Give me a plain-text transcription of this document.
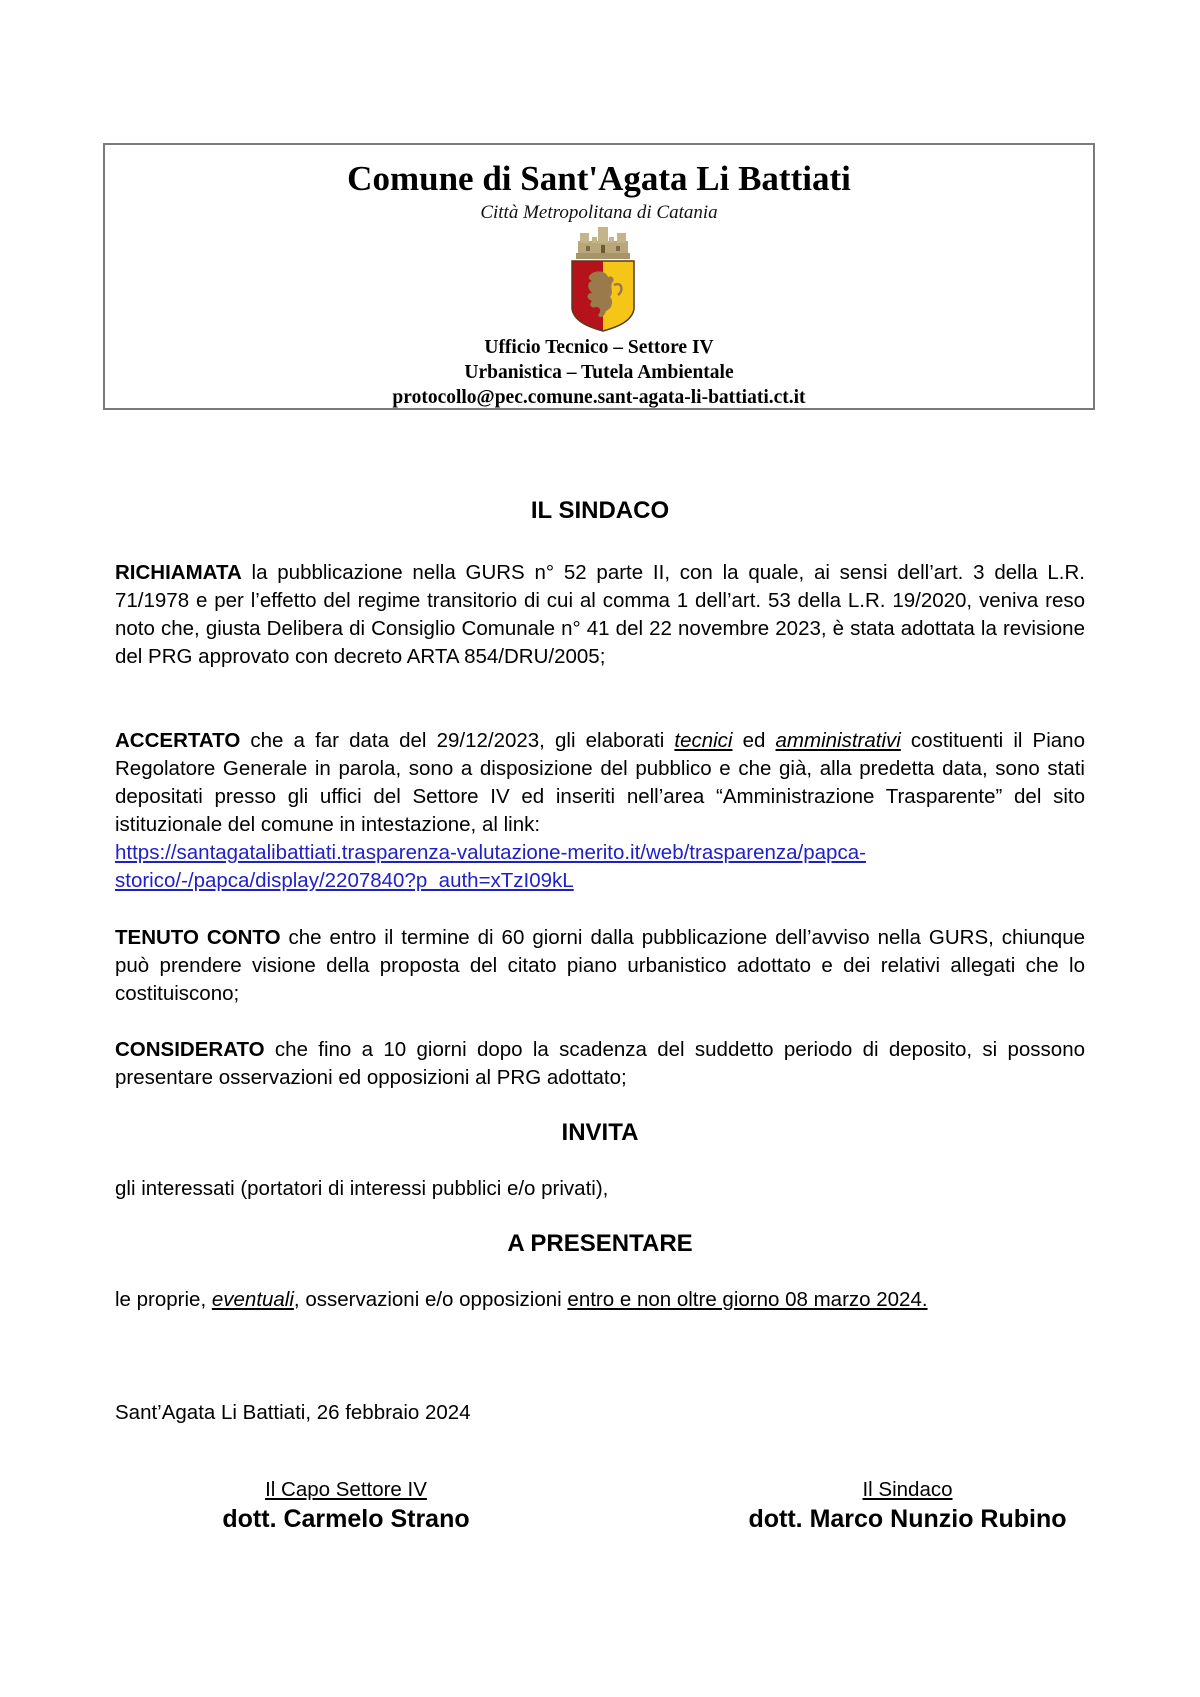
Comune di Sant'Agata Li Battiati
Città Metropolitana di Catania
Ufficio Tecnico – Settore IV
Urbanistica – Tutela Ambientale
protocollo@pec.comune.sant-agata-li-battiati.ct.it
IL SINDACO
RICHIAMATA la pubblicazione nella GURS n° 52 parte II, con la quale, ai sensi dell’art. 3 della L.R. 71/1978 e per l’effetto del regime transitorio di cui al comma 1 dell’art. 53 della L.R. 19/2020, veniva reso noto che, giusta Delibera di Consiglio Comunale n° 41 del 22 novembre 2023, è stata adottata la revisione del PRG approvato con decreto ARTA 854/DRU/2005;
ACCERTATO che a far data del 29/12/2023, gli elaborati tecnici ed amministrativi costituenti il Piano Regolatore Generale in parola, sono a disposizione del pubblico e che già, alla predetta data, sono stati depositati presso gli uffici del Settore IV ed inseriti nell’area “Amministrazione Trasparente” del sito istituzionale del comune in intestazione, al link:
https://santagatalibattiati.trasparenza-valutazione-merito.it/web/trasparenza/papca-
storico/-/papca/display/2207840?p_auth=xTzI09kL
TENUTO CONTO che entro il termine di 60 giorni dalla pubblicazione dell’avviso nella GURS, chiunque può prendere visione della proposta del citato piano urbanistico adottato e dei relativi allegati che lo costituiscono;
CONSIDERATO che fino a 10 giorni dopo la scadenza del suddetto periodo di deposito, si possono presentare osservazioni ed opposizioni al PRG adottato;
INVITA
gli interessati (portatori di interessi pubblici e/o privati),
A PRESENTARE
le proprie, eventuali, osservazioni e/o opposizioni entro e non oltre giorno 08 marzo 2024.
Sant’Agata Li Battiati, 26 febbraio 2024
Il Capo Settore IV
dott. Carmelo Strano
Il Sindaco
dott. Marco Nunzio Rubino
